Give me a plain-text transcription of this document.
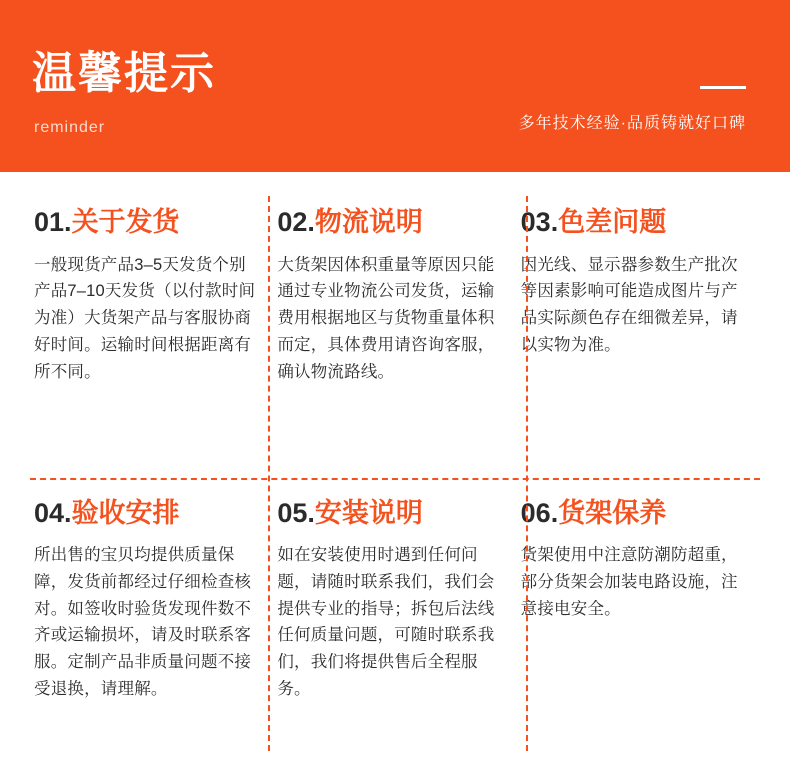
温馨提示
reminder	多年技术经验·品质铸就好口碑
01.关于发货
一般现货产品3–5天发货个别产品7–10天发货（以付款时间为准）大货架产品与客服协商好时间。运输时间根据距离有所不同。
02.物流说明
大货架因体积重量等原因只能通过专业物流公司发货，运输费用根据地区与货物重量体积而定，具体费用请咨询客服，确认物流路线。
03.色差问题
因光线、显示器参数生产批次等因素影响可能造成图片与产品实际颜色存在细微差异，请以实物为准。
04.验收安排
所出售的宝贝均提供质量保障，发货前都经过仔细检查核对。如签收时验货发现件数不齐或运输损坏，请及时联系客服。定制产品非质量问题不接受退换，请理解。
05.安装说明
如在安装使用时遇到任何问题，请随时联系我们，我们会提供专业的指导；拆包后法线任何质量问题，可随时联系我们，我们将提供售后全程服务。
06.货架保养
货架使用中注意防潮防超重，部分货架会加装电路设施，注意接电安全。
